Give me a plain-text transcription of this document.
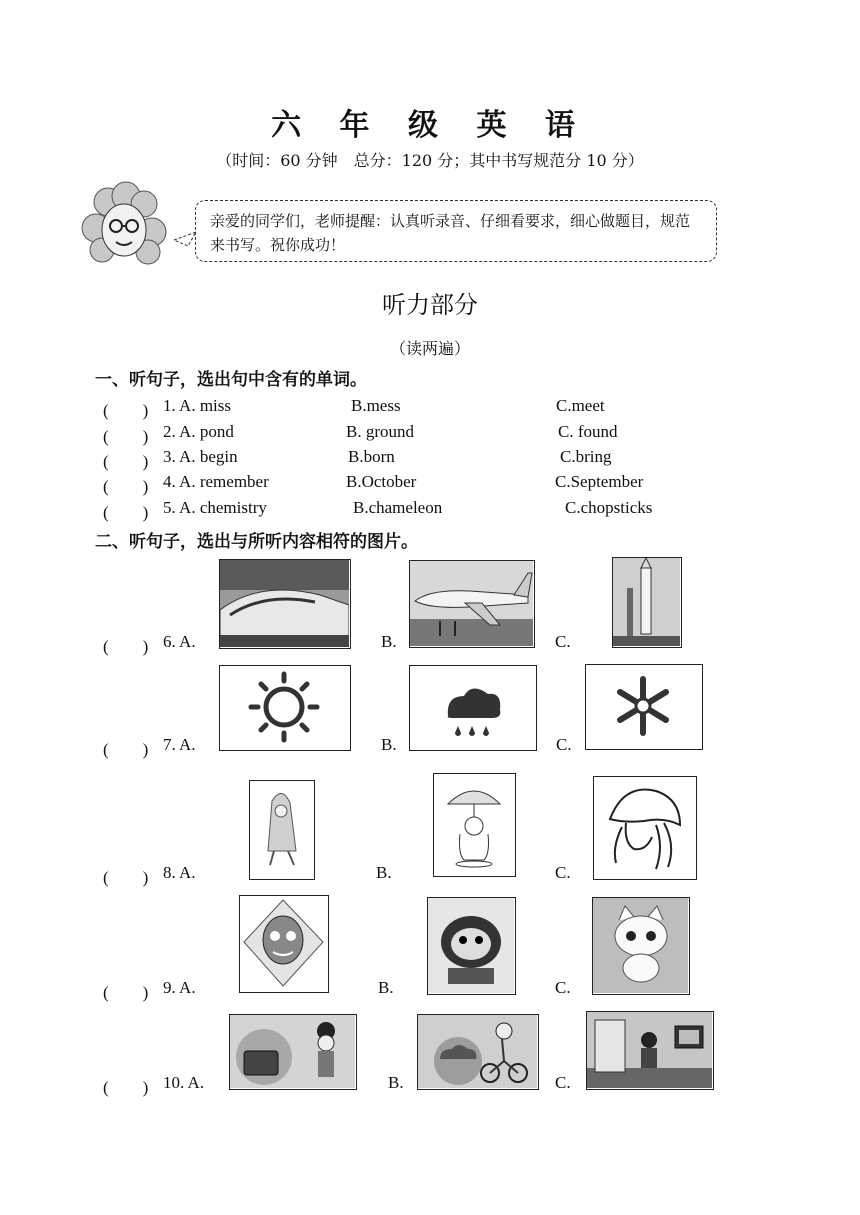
六 年 级 英 语
（时间：60 分钟　总分：120 分；其中书写规范分 10 分）
亲爱的同学们，老师提醒：认真听录音、仔细看要求，细心做题目，规范来书写。祝你成功！
听力部分
（读两遍）
一、听句子，选出句中含有的单词。
(　　) 1. A. miss	B.mess	C.meet
(　　) 2. A. pond	B. ground	C. found
(　　) 3. A. begin	B.born	C.bring
(　　) 4. A. remember	B.October	C.September
(　　) 5. A. chemistry	B.chameleon	C.chopsticks
二、听句子，选出与所听内容相符的图片。
(　　) 6. A.	B.	C.
(　　) 7. A.	B.	C.
(　　) 8. A.	B.	C.
(　　) 9. A.	B.	C.
(　　) 10. A.	B.	C.
